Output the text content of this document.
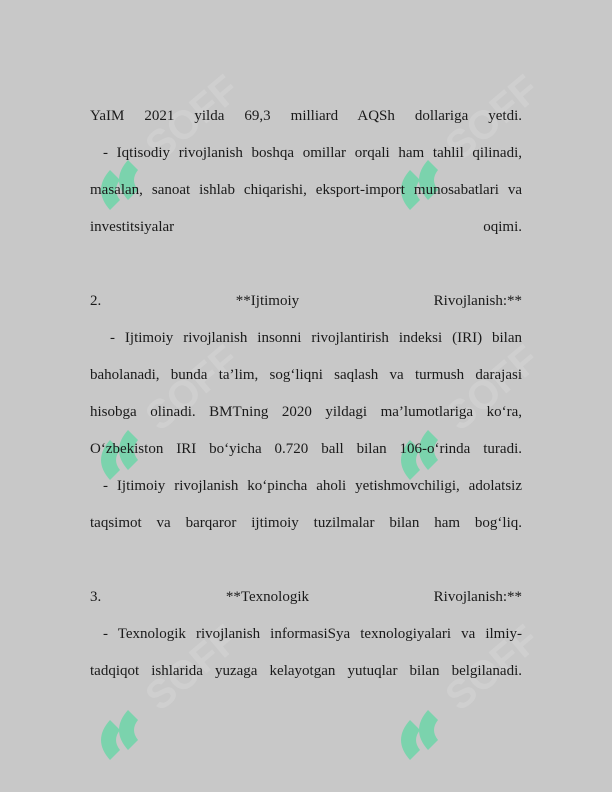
SOFF	SOFF
SOFF	SOFF
SOFF	SOFF
YaIM 2021 yilda 69,3 milliard AQSh dollariga yetdi.
- Iqtisodiy rivojlanish boshqa omillar orqali ham tahlil qilinadi,
masalan, sanoat ishlab chiqarishi, eksport-import munosabatlari va
investitsiyalar oqimi.
2. **Ijtimoiy Rivojlanish:**
- Ijtimoiy rivojlanish insonni rivojlantirish indeksi (IRI) bilan
baholanadi, bunda ta’lim, sog‘liqni saqlash va turmush darajasi
hisobga olinadi. BMTning 2020 yildagi ma’lumotlariga ko‘ra,
O‘zbekiston IRI bo‘yicha 0.720 ball bilan 106-o‘rinda turadi.
- Ijtimoiy rivojlanish ko‘pincha aholi yetishmovchiligi, adolatsiz
taqsimot va barqaror ijtimoiy tuzilmalar bilan ham bog‘liq.
3. **Texnologik Rivojlanish:**
- Texnologik rivojlanish informasiSya texnologiyalari va ilmiy-
tadqiqot ishlarida yuzaga kelayotgan yutuqlar bilan belgilanadi.
